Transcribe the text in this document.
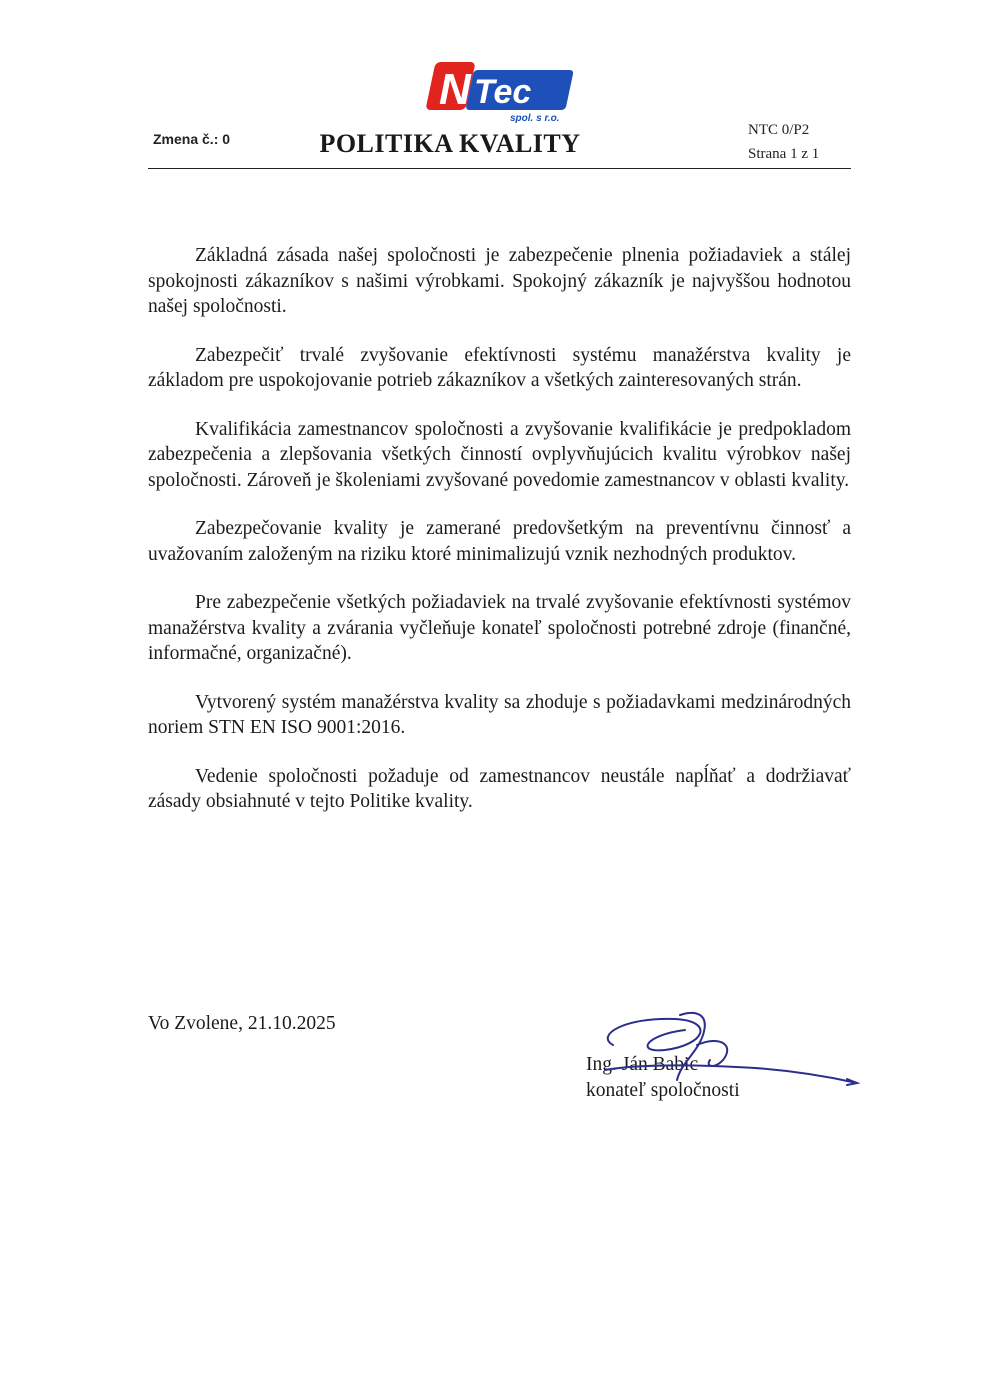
N Tec
spol. s r.o.
Zmena č.: 0	POLITIKA KVALITY	NTC 0/P2
Strana 1 z 1

Základná zásada našej spoločnosti je zabezpečenie plnenia požiadaviek a stálej spokojnosti zákazníkov s našimi výrobkami. Spokojný zákazník je najvyššou hodnotou našej spoločnosti.

Zabezpečiť trvalé zvyšovanie efektívnosti systému manažérstva kvality je základom pre uspokojovanie potrieb zákazníkov a všetkých zainteresovaných strán.

Kvalifikácia zamestnancov spoločnosti a zvyšovanie kvalifikácie je predpokladom zabezpečenia a zlepšovania všetkých činností ovplyvňujúcich kvalitu výrobkov našej spoločnosti. Zároveň je školeniami zvyšované povedomie zamestnancov v oblasti kvality.

Zabezpečovanie kvality je zamerané predovšetkým na preventívnu činnosť a uvažovaním založeným na riziku ktoré minimalizujú vznik nezhodných produktov.

Pre zabezpečenie všetkých požiadaviek na trvalé zvyšovanie efektívnosti systémov manažérstva kvality a zvárania vyčleňuje konateľ spoločnosti potrebné zdroje (finančné, informačné, organizačné).

Vytvorený systém manažérstva kvality sa zhoduje s požiadavkami medzinárodných noriem STN EN ISO 9001:2016.

Vedenie spoločnosti požaduje od zamestnancov neustále napĺňať a dodržiavať zásady obsiahnuté v tejto Politike kvality.

Vo Zvolene, 21.10.2025
Ing. Ján Babic
konateľ spoločnosti
